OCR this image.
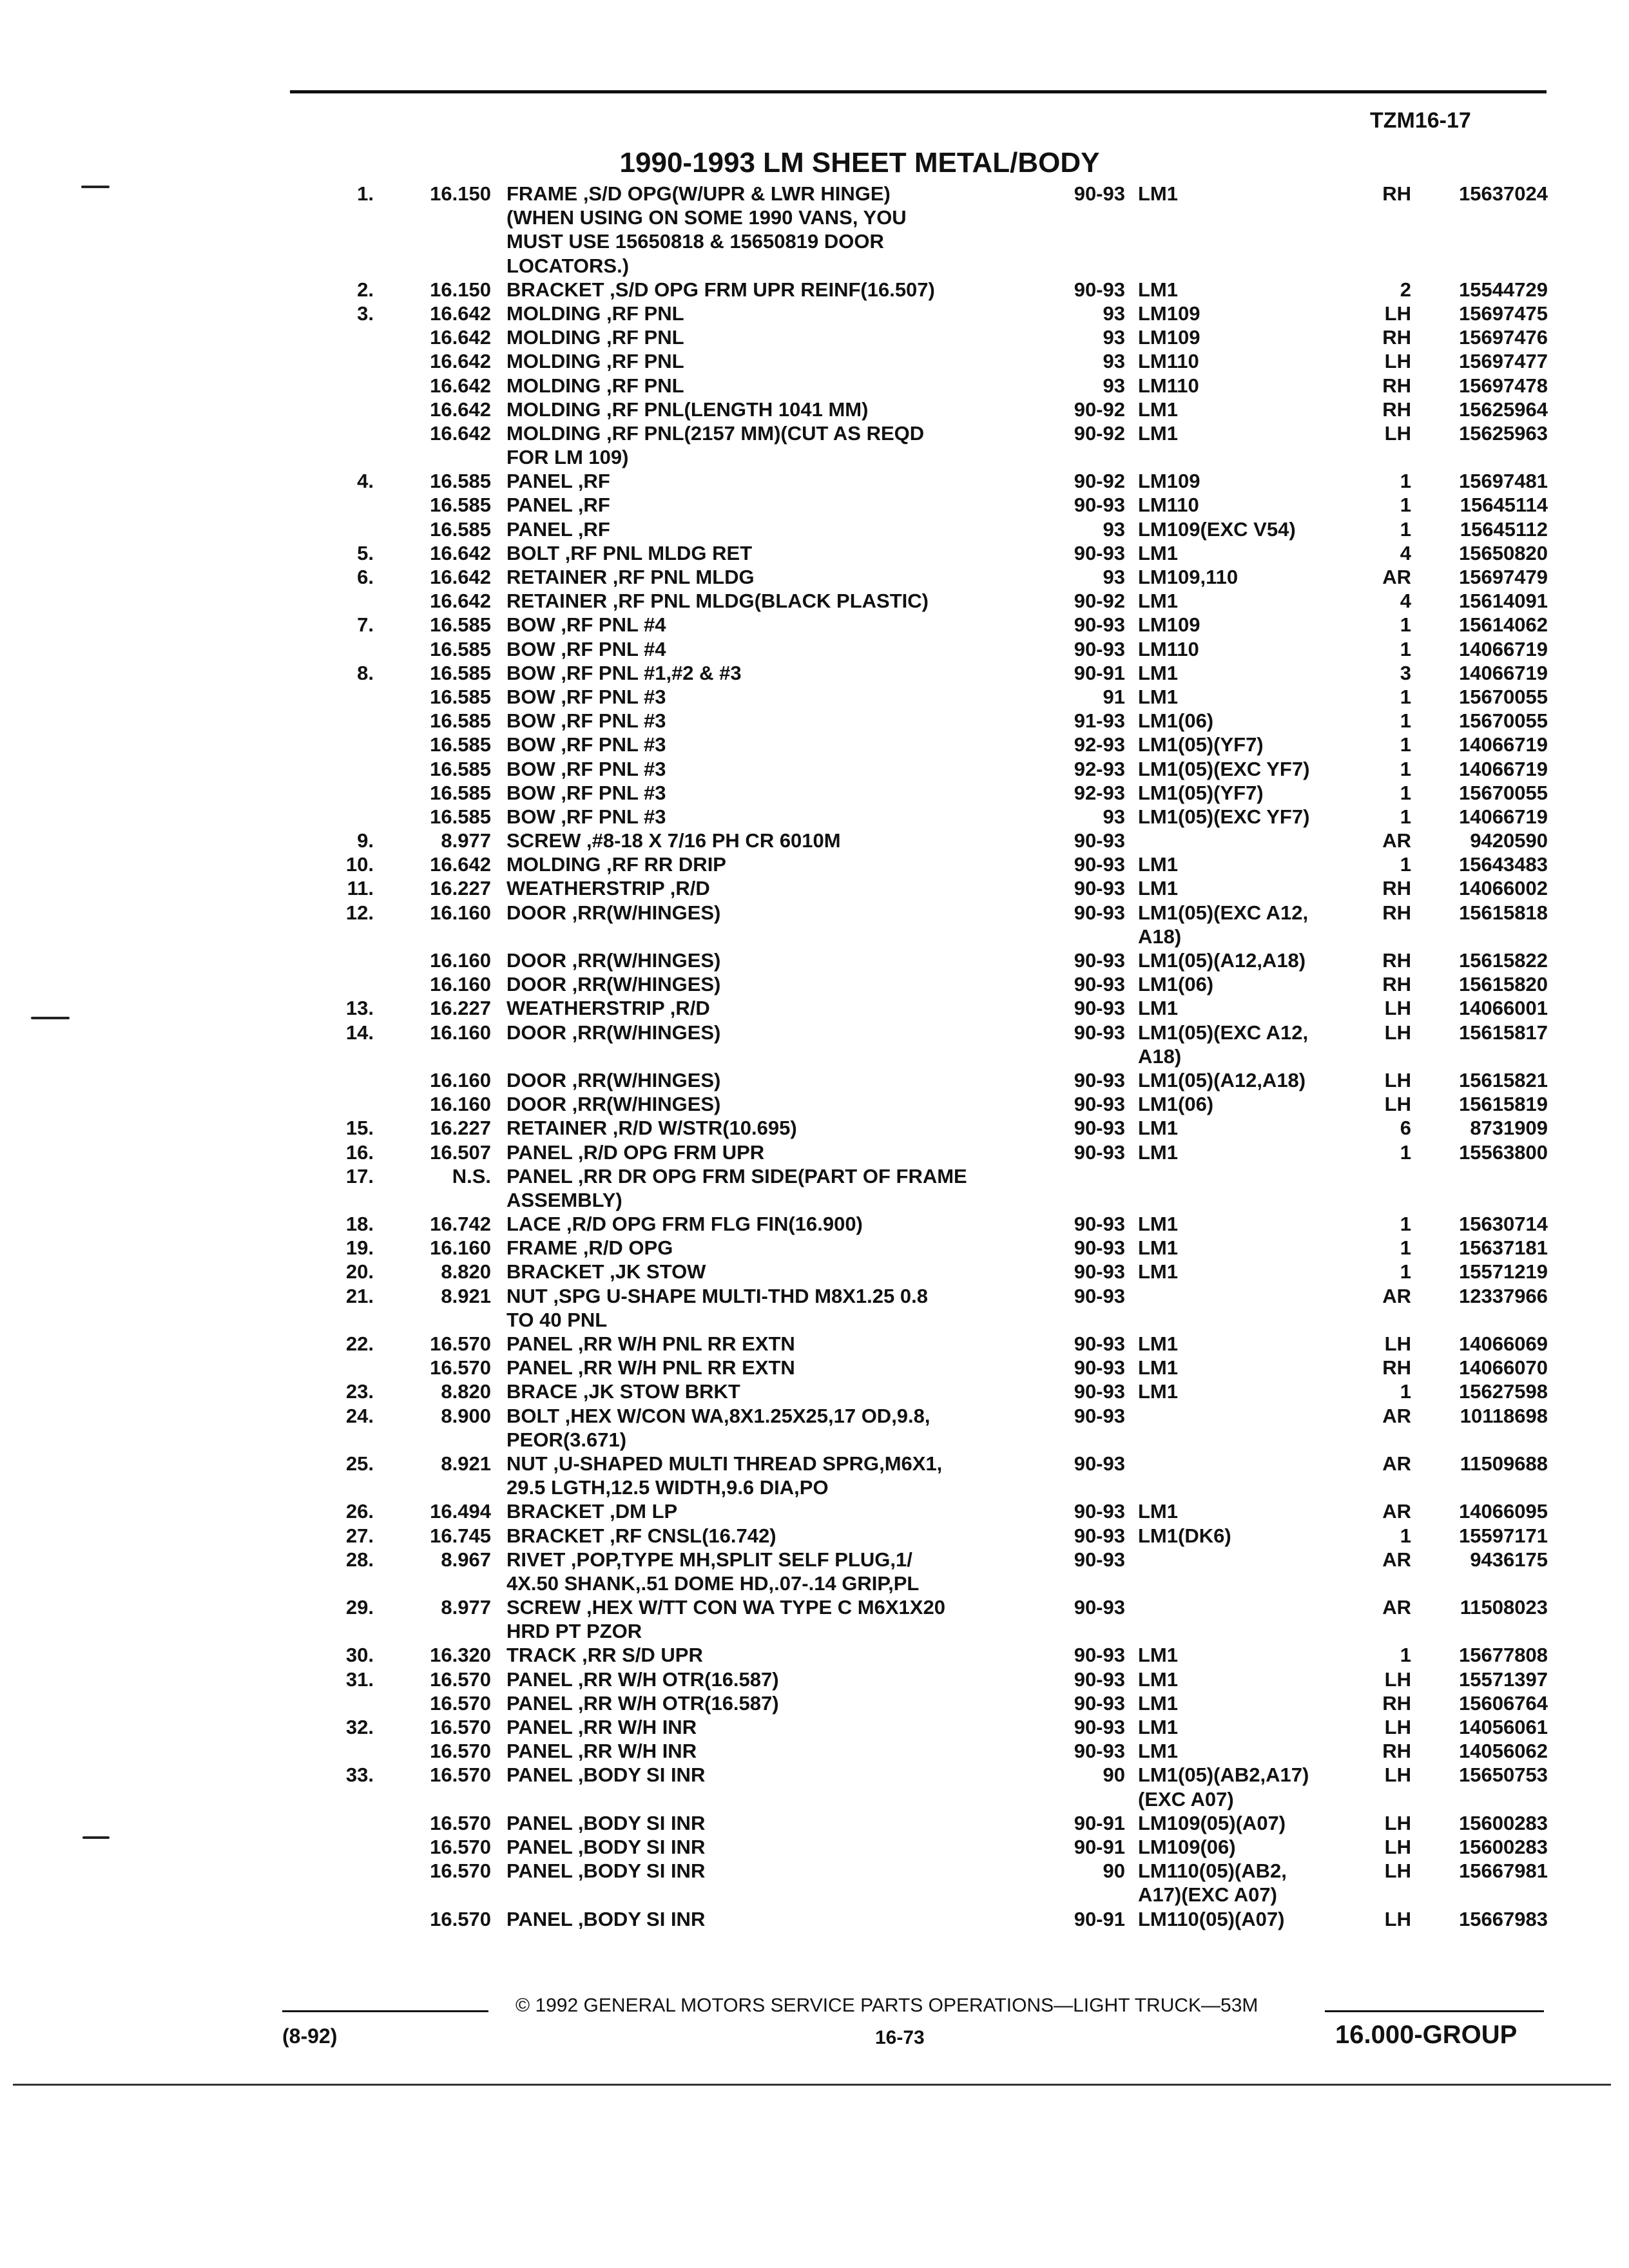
TZM16-17
1990-1993 LM SHEET METAL/BODY
1.	16.150 FRAME ,S/D OPG(W/UPR & LWR HINGE)	90-93 LM1	RH	15637024
(WHEN USING ON SOME 1990 VANS, YOU
MUST USE 15650818 & 15650819 DOOR
LOCATORS.)
2.	16.150 BRACKET ,S/D OPG FRM UPR REINF(16.507)	90-93 LM1	2	15544729
3.	16.642 MOLDING ,RF PNL	93 LM109	LH	15697475
16.642 MOLDING ,RF PNL	93 LM109	RH	15697476
16.642 MOLDING ,RF PNL	93 LM110	LH	15697477
16.642 MOLDING ,RF PNL	93 LM110	RH	15697478
16.642 MOLDING ,RF PNL(LENGTH 1041 MM)	90-92 LM1	RH	15625964
16.642 MOLDING ,RF PNL(2157 MM)(CUT AS REQD	90-92 LM1	LH	15625963
FOR LM 109)
4.	16.585 PANEL ,RF	90-92 LM109	1	15697481
16.585 PANEL ,RF	90-93 LM110	1	15645114
16.585 PANEL ,RF	93 LM109(EXC V54)	1	15645112
5.	16.642 BOLT ,RF PNL MLDG RET	90-93 LM1	4	15650820
6.	16.642 RETAINER ,RF PNL MLDG	93 LM109,110	AR	15697479
16.642 RETAINER ,RF PNL MLDG(BLACK PLASTIC)	90-92 LM1	4	15614091
7.	16.585 BOW ,RF PNL #4	90-93 LM109	1	15614062
16.585 BOW ,RF PNL #4	90-93 LM110	1	14066719
8.	16.585 BOW ,RF PNL #1,#2 & #3	90-91 LM1	3	14066719
16.585 BOW ,RF PNL #3	91 LM1	1	15670055
16.585 BOW ,RF PNL #3	91-93 LM1(06)	1	15670055
16.585 BOW ,RF PNL #3	92-93 LM1(05)(YF7)	1	14066719
16.585 BOW ,RF PNL #3	92-93 LM1(05)(EXC YF7)	1	14066719
16.585 BOW ,RF PNL #3	92-93 LM1(05)(YF7)	1	15670055
16.585 BOW ,RF PNL #3	93 LM1(05)(EXC YF7)	1	14066719
9.	8.977 SCREW ,#8-18 X 7/16 PH CR 6010M	90-93	AR	9420590
10.	16.642 MOLDING ,RF RR DRIP	90-93 LM1	1	15643483
11.	16.227 WEATHERSTRIP ,R/D	90-93 LM1	RH	14066002
12.	16.160 DOOR ,RR(W/HINGES)	90-93 LM1(05)(EXC A12,	RH	15615818
A18)
16.160 DOOR ,RR(W/HINGES)	90-93 LM1(05)(A12,A18)	RH	15615822
16.160 DOOR ,RR(W/HINGES)	90-93 LM1(06)	RH	15615820
13.	16.227 WEATHERSTRIP ,R/D	90-93 LM1	LH	14066001
14.	16.160 DOOR ,RR(W/HINGES)	90-93 LM1(05)(EXC A12,	LH	15615817
A18)
16.160 DOOR ,RR(W/HINGES)	90-93 LM1(05)(A12,A18)	LH	15615821
16.160 DOOR ,RR(W/HINGES)	90-93 LM1(06)	LH	15615819
15.	16.227 RETAINER ,R/D W/STR(10.695)	90-93 LM1	6	8731909
16.	16.507 PANEL ,R/D OPG FRM UPR	90-93 LM1	1	15563800
17.	N.S. PANEL ,RR DR OPG FRM SIDE(PART OF FRAME
ASSEMBLY)
18.	16.742 LACE ,R/D OPG FRM FLG FIN(16.900)	90-93 LM1	1	15630714
19.	16.160 FRAME ,R/D OPG	90-93 LM1	1	15637181
20.	8.820 BRACKET ,JK STOW	90-93 LM1	1	15571219
21.	8.921 NUT ,SPG U-SHAPE MULTI-THD M8X1.25 0.8	90-93	AR	12337966
TO 40 PNL
22.	16.570 PANEL ,RR W/H PNL RR EXTN	90-93 LM1	LH	14066069
16.570 PANEL ,RR W/H PNL RR EXTN	90-93 LM1	RH	14066070
23.	8.820 BRACE ,JK STOW BRKT	90-93 LM1	1	15627598
24.	8.900 BOLT ,HEX W/CON WA,8X1.25X25,17 OD,9.8,	90-93	AR	10118698
PEOR(3.671)
25.	8.921 NUT ,U-SHAPED MULTI THREAD SPRG,M6X1,	90-93	AR	11509688
29.5 LGTH,12.5 WIDTH,9.6 DIA,PO
26.	16.494 BRACKET ,DM LP	90-93 LM1	AR	14066095
27.	16.745 BRACKET ,RF CNSL(16.742)	90-93 LM1(DK6)	1	15597171
28.	8.967 RIVET ,POP,TYPE MH,SPLIT SELF PLUG,1/	90-93	AR	9436175
4X.50 SHANK,.51 DOME HD,.07-.14 GRIP,PL
29.	8.977 SCREW ,HEX W/TT CON WA TYPE C M6X1X20	90-93	AR	11508023
HRD PT PZOR
30.	16.320 TRACK ,RR S/D UPR	90-93 LM1	1	15677808
31.	16.570 PANEL ,RR W/H OTR(16.587)	90-93 LM1	LH	15571397
16.570 PANEL ,RR W/H OTR(16.587)	90-93 LM1	RH	15606764
32.	16.570 PANEL ,RR W/H INR	90-93 LM1	LH	14056061
16.570 PANEL ,RR W/H INR	90-93 LM1	RH	14056062
33.	16.570 PANEL ,BODY SI INR	90 LM1(05)(AB2,A17)	LH	15650753
(EXC A07)
16.570 PANEL ,BODY SI INR	90-91 LM109(05)(A07)	LH	15600283
16.570 PANEL ,BODY SI INR	90-91 LM109(06)	LH	15600283
16.570 PANEL ,BODY SI INR	90 LM110(05)(AB2,	LH	15667981
A17)(EXC A07)
16.570 PANEL ,BODY SI INR	90-91 LM110(05)(A07)	LH	15667983
(8-92)
© 1992 GENERAL MOTORS SERVICE PARTS OPERATIONS—LIGHT TRUCK—53M
16-73	16.000-GROUP
